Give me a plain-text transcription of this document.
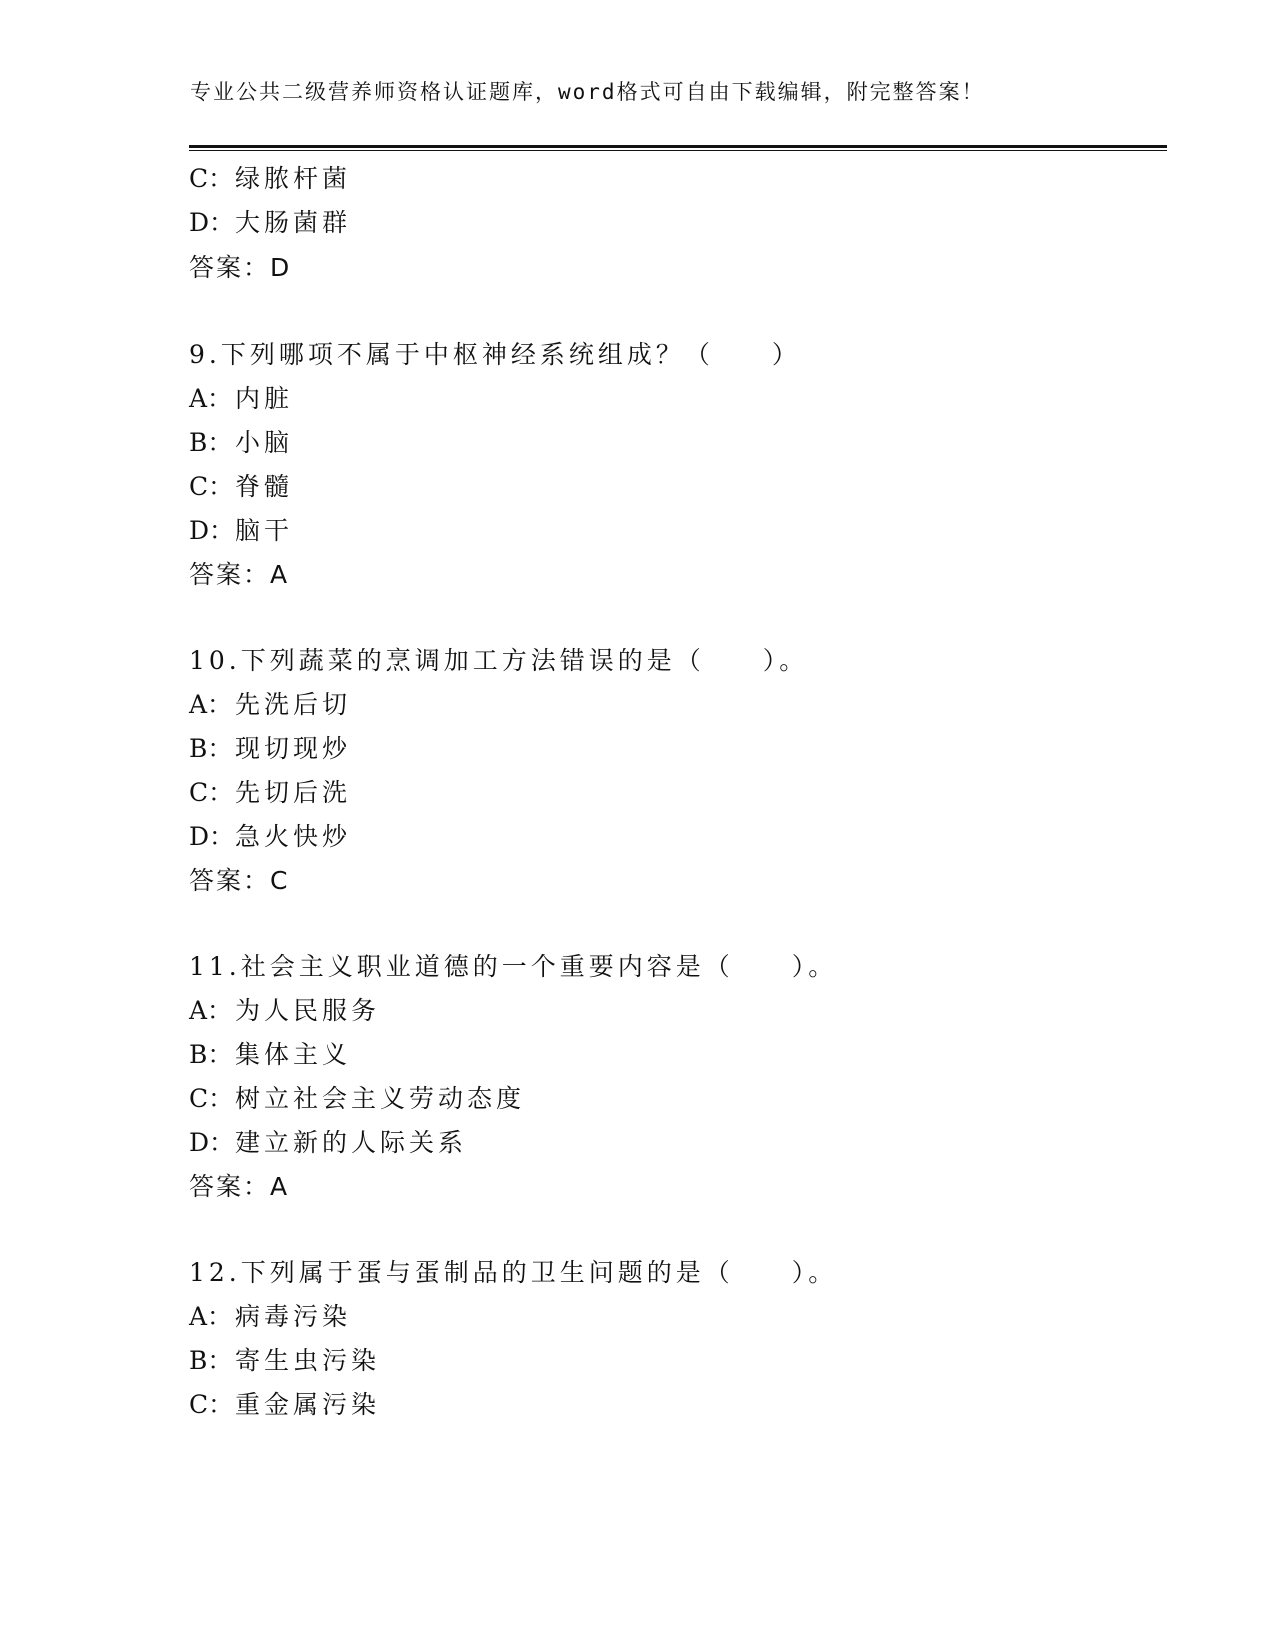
专业公共二级营养师资格认证题库，word格式可自由下载编辑，附完整答案！
C：绿脓杆菌
D：大肠菌群
答案：D
9.下列哪项不属于中枢神经系统组成？（　　）
A： 内脏
B： 小脑
C：脊髓
D：脑干
答案：A
10.下列蔬菜的烹调加工方法错误的是（　　）。
A： 先洗后切
B： 现切现炒
C：先切后洗
D：急火快炒
答案：C
11.社会主义职业道德的一个重要内容是（　　）。
A： 为人民服务
B： 集体主义
C：树立社会主义劳动态度
D：建立新的人际关系
答案：A
12.下列属于蛋与蛋制品的卫生问题的是（　　）。
A： 病毒污染
B： 寄生虫污染
C：重金属污染
